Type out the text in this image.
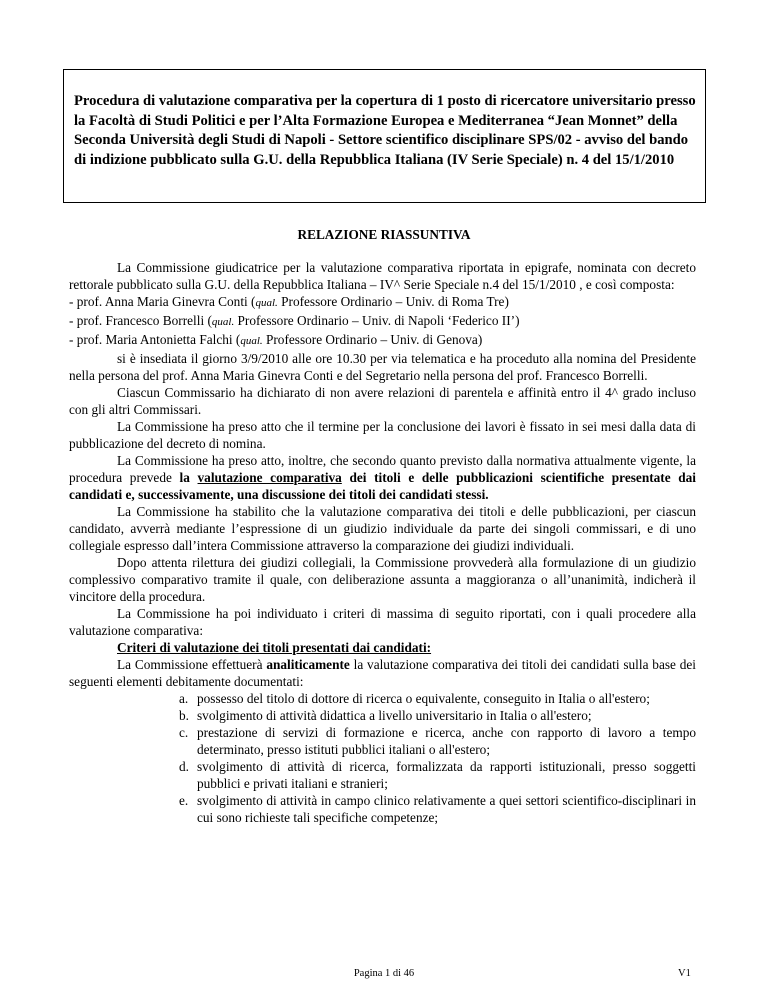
Procedura di valutazione comparativa per la copertura di 1 posto di ricercatore universitario presso la Facoltà di Studi Politici e per l’Alta Formazione Europea e Mediterranea “Jean Monnet” della Seconda Università degli Studi di Napoli - Settore scientifico disciplinare SPS/02 - avviso del bando di indizione pubblicato sulla G.U. della Repubblica Italiana (IV Serie Speciale) n. 4 del 15/1/2010

RELAZIONE RIASSUNTIVA

La Commissione giudicatrice per la valutazione comparativa riportata in epigrafe, nominata con decreto rettorale pubblicato sulla G.U. della Repubblica Italiana – IV^ Serie Speciale n.4 del 15/1/2010 , e così composta:

- prof. Anna Maria Ginevra Conti (qual. Professore Ordinario – Univ. di Roma Tre)

- prof. Francesco Borrelli (qual. Professore Ordinario – Univ. di Napoli ‘Federico II’)

- prof. Maria Antonietta Falchi (qual. Professore Ordinario – Univ. di Genova)

si è insediata il giorno 3/9/2010 alle ore 10.30 per via telematica e ha proceduto alla nomina del Presidente nella persona del prof. Anna Maria Ginevra Conti e del Segretario nella persona del prof. Francesco Borrelli.

Ciascun Commissario ha dichiarato di non avere relazioni di parentela e affinità entro il 4^ grado incluso con gli altri Commissari.

La Commissione ha preso atto che il termine per la conclusione dei lavori è fissato in sei mesi dalla data di pubblicazione del decreto di nomina.

La Commissione ha preso atto, inoltre, che secondo quanto previsto dalla normativa attualmente vigente, la procedura prevede la valutazione comparativa dei titoli e delle pubblicazioni scientifiche presentate dai candidati e, successivamente, una discussione dei titoli dei candidati stessi.

La Commissione ha stabilito che la valutazione comparativa dei titoli e delle pubblicazioni, per ciascun candidato, avverrà mediante l’espressione di un giudizio individuale da parte dei singoli commissari, e di uno collegiale espresso dall’intera Commissione attraverso la comparazione dei giudizi individuali.

Dopo attenta rilettura dei giudizi collegiali, la Commissione provvederà alla formulazione di un giudizio complessivo comparativo tramite il quale, con deliberazione assunta a maggioranza o all’unanimità, indicherà il vincitore della procedura.

La Commissione ha poi individuato i criteri di massima di seguito riportati, con i quali procedere alla valutazione comparativa:

Criteri di valutazione dei titoli presentati dai candidati:

La Commissione effettuerà analiticamente la valutazione comparativa dei titoli dei candidati sulla base dei seguenti elementi debitamente documentati:

a. possesso del titolo di dottore di ricerca o equivalente, conseguito in Italia o all'estero;
b. svolgimento di attività didattica a livello universitario in Italia o all'estero;
c. prestazione di servizi di formazione e ricerca, anche con rapporto di lavoro a tempo determinato, presso istituti pubblici italiani o all'estero;
d. svolgimento di attività di ricerca, formalizzata da rapporti istituzionali, presso soggetti pubblici e privati italiani e stranieri;
e. svolgimento di attività in campo clinico relativamente a quei settori scientifico-disciplinari in cui sono richieste tali specifiche competenze;
Pagina 1 di 46	V1
